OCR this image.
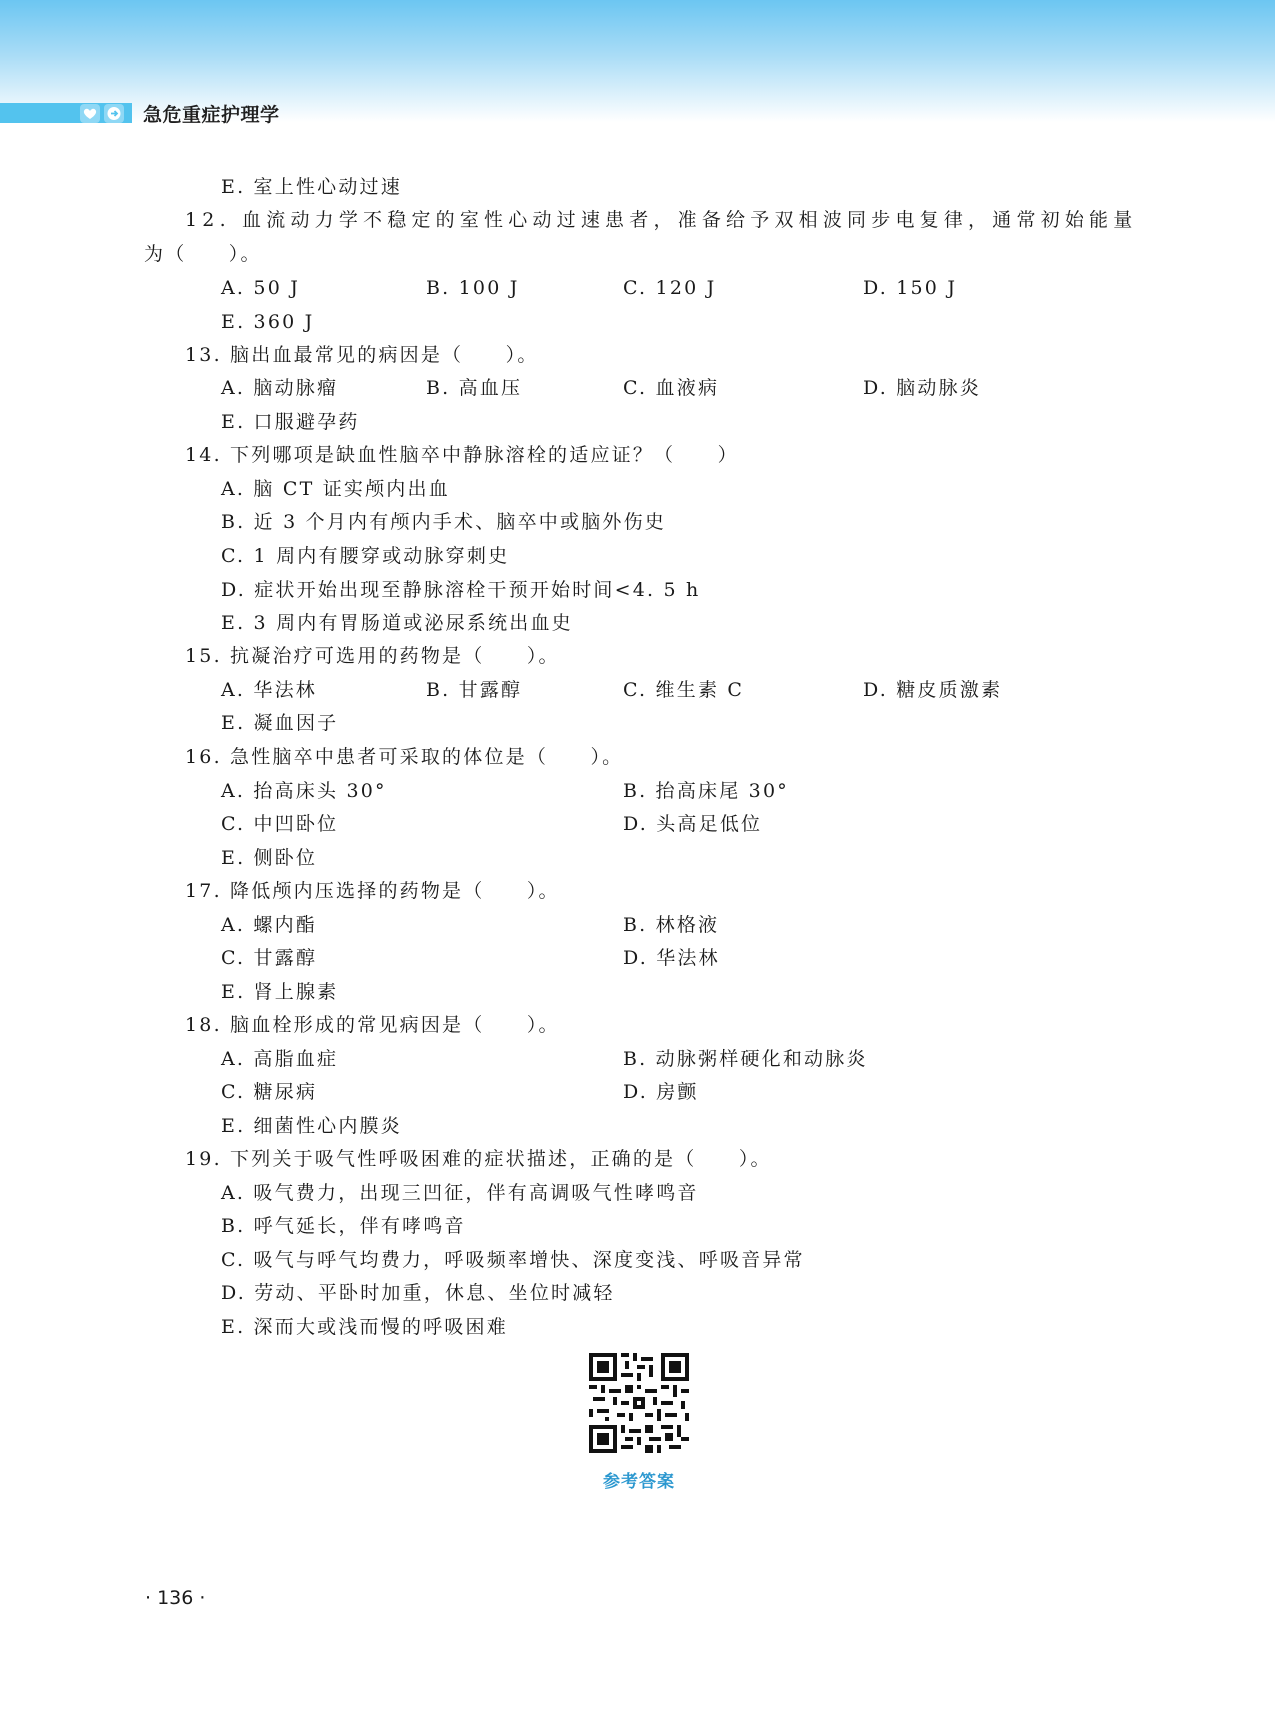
急危重症护理学
E. 室上性心动过速
12. 血流动力学不稳定的室性心动过速患者，准备给予双相波同步电复律，通常初始能量
为（　　）。
A. 50 J	B. 100 J	C. 120 J	D. 150 J
E. 360 J
13. 脑出血最常见的病因是（　　）。
A. 脑动脉瘤	B. 高血压	C. 血液病	D. 脑动脉炎
E. 口服避孕药
14. 下列哪项是缺血性脑卒中静脉溶栓的适应证？（　　）
A. 脑 CT 证实颅内出血
B. 近 3 个月内有颅内手术、脑卒中或脑外伤史
C. 1 周内有腰穿或动脉穿刺史
D. 症状开始出现至静脉溶栓干预开始时间<4. 5 h
E. 3 周内有胃肠道或泌尿系统出血史
15. 抗凝治疗可选用的药物是（　　）。
A. 华法林	B. 甘露醇	C. 维生素 C	D. 糖皮质激素
E. 凝血因子
16. 急性脑卒中患者可采取的体位是（　　）。
A. 抬高床头 30°	B. 抬高床尾 30°
C. 中凹卧位	D. 头高足低位
E. 侧卧位
17. 降低颅内压选择的药物是（　　）。
A. 螺内酯	B. 林格液
C. 甘露醇	D. 华法林
E. 肾上腺素
18. 脑血栓形成的常见病因是（　　）。
A. 高脂血症	B. 动脉粥样硬化和动脉炎
C. 糖尿病	D. 房颤
E. 细菌性心内膜炎
19. 下列关于吸气性呼吸困难的症状描述，正确的是（　　）。
A. 吸气费力，出现三凹征，伴有高调吸气性哮鸣音
B. 呼气延长，伴有哮鸣音
C. 吸气与呼气均费力，呼吸频率增快、深度变浅、呼吸音异常
D. 劳动、平卧时加重，休息、坐位时减轻
E. 深而大或浅而慢的呼吸困难
参考答案
· 136 ·
